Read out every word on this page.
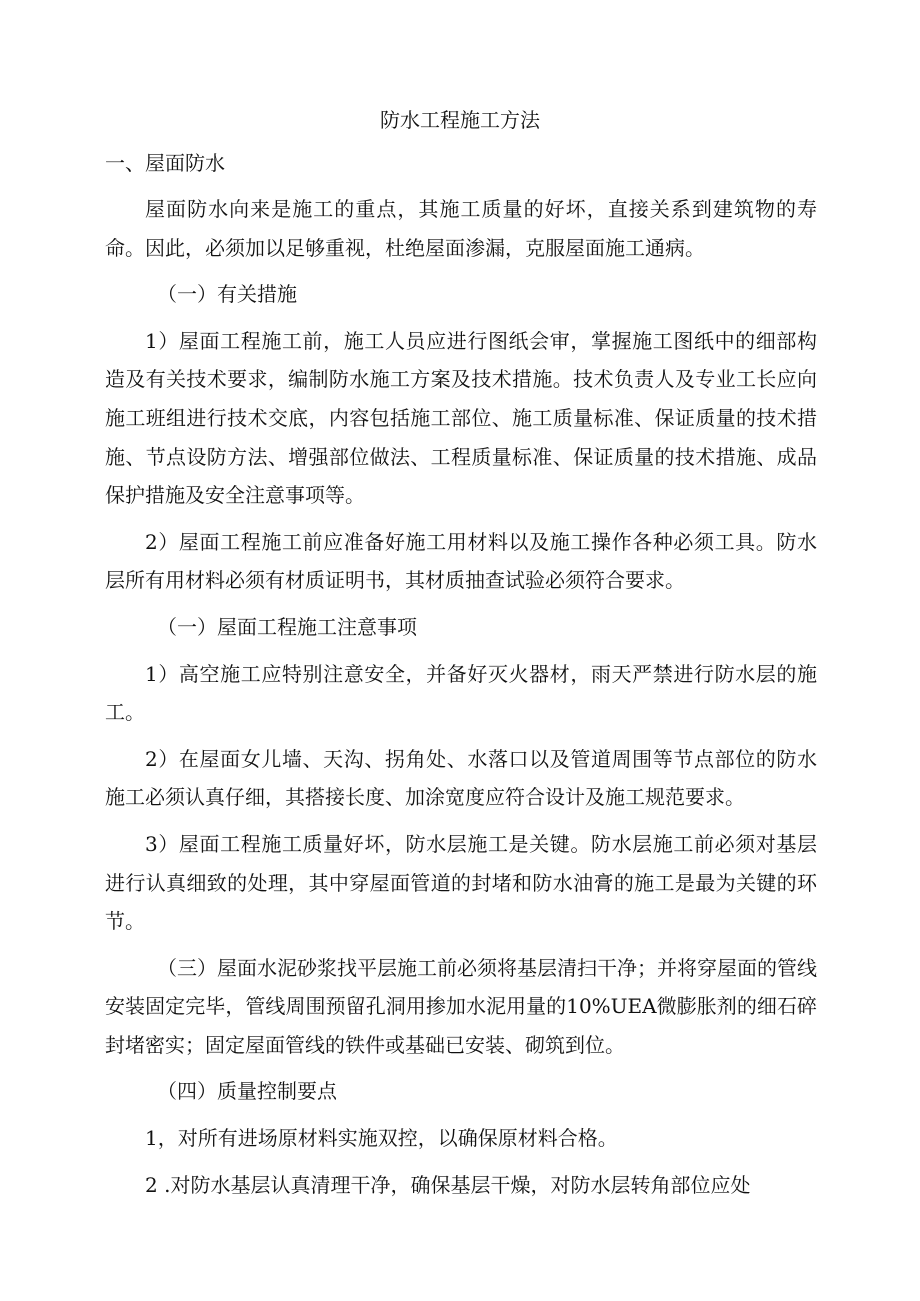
防水工程施工方法
一、屋面防水

屋面防水向来是施工的重点，其施工质量的好坏，直接关系到建筑物的寿命。因此，必须加以足够重视，杜绝屋面渗漏，克服屋面施工通病。

（一）有关措施

1）屋面工程施工前，施工人员应进行图纸会审，掌握施工图纸中的细部构造及有关技术要求，编制防水施工方案及技术措施。技术负责人及专业工长应向施工班组进行技术交底，内容包括施工部位、施工质量标准、保证质量的技术措施、节点设防方法、增强部位做法、工程质量标准、保证质量的技术措施、成品保护措施及安全注意事项等。

2）屋面工程施工前应准备好施工用材料以及施工操作各种必须工具。防水层所有用材料必须有材质证明书，其材质抽查试验必须符合要求。

（一）屋面工程施工注意事项

1）高空施工应特别注意安全，并备好灭火器材，雨天严禁进行防水层的施工。

2）在屋面女儿墙、天沟、拐角处、水落口以及管道周围等节点部位的防水施工必须认真仔细，其搭接长度、加涂宽度应符合设计及施工规范要求。

3）屋面工程施工质量好坏，防水层施工是关键。防水层施工前必须对基层进行认真细致的处理，其中穿屋面管道的封堵和防水油膏的施工是最为关键的环节。

（三）屋面水泥砂浆找平层施工前必须将基层清扫干净；并将穿屋面的管线安装固定完毕，管线周围预留孔洞用掺加水泥用量的10%UEA微膨胀剂的细石碎封堵密实；固定屋面管线的铁件或基础已安装、砌筑到位。

（四）质量控制要点

1，对所有进场原材料实施双控，以确保原材料合格。

2 .对防水基层认真清理干净，确保基层干燥，对防水层转角部位应处
